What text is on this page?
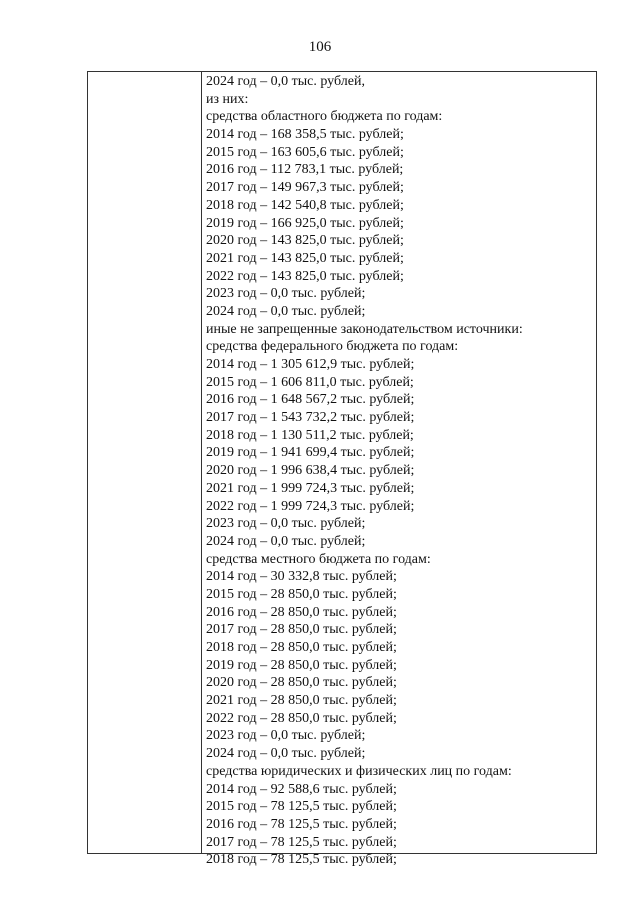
106
2024 год – 0,0 тыс. рублей,
из них:
средства областного бюджета по годам:
2014 год – 168 358,5 тыс. рублей;
2015 год – 163 605,6 тыс. рублей;
2016 год – 112 783,1 тыс. рублей;
2017 год – 149 967,3 тыс. рублей;
2018 год – 142 540,8 тыс. рублей;
2019 год – 166 925,0 тыс. рублей;
2020 год – 143 825,0 тыс. рублей;
2021 год – 143 825,0 тыс. рублей;
2022 год – 143 825,0 тыс. рублей;
2023 год – 0,0 тыс. рублей;
2024 год – 0,0 тыс. рублей;
иные не запрещенные законодательством источники:
средства федерального бюджета по годам:
2014 год – 1 305 612,9 тыс. рублей;
2015 год – 1 606 811,0 тыс. рублей;
2016 год – 1 648 567,2 тыс. рублей;
2017 год – 1 543 732,2 тыс. рублей;
2018 год – 1 130 511,2 тыс. рублей;
2019 год – 1 941 699,4 тыс. рублей;
2020 год – 1 996 638,4 тыс. рублей;
2021 год – 1 999 724,3 тыс. рублей;
2022 год – 1 999 724,3 тыс. рублей;
2023 год – 0,0 тыс. рублей;
2024 год – 0,0 тыс. рублей;
средства местного бюджета по годам:
2014 год – 30 332,8 тыс. рублей;
2015 год – 28 850,0 тыс. рублей;
2016 год – 28 850,0 тыс. рублей;
2017 год – 28 850,0 тыс. рублей;
2018 год – 28 850,0 тыс. рублей;
2019 год – 28 850,0 тыс. рублей;
2020 год – 28 850,0 тыс. рублей;
2021 год – 28 850,0 тыс. рублей;
2022 год – 28 850,0 тыс. рублей;
2023 год – 0,0 тыс. рублей;
2024 год – 0,0 тыс. рублей;
средства юридических и физических лиц по годам:
2014 год – 92 588,6 тыс. рублей;
2015 год – 78 125,5 тыс. рублей;
2016 год – 78 125,5 тыс. рублей;
2017 год – 78 125,5 тыс. рублей;
2018 год – 78 125,5 тыс. рублей;
